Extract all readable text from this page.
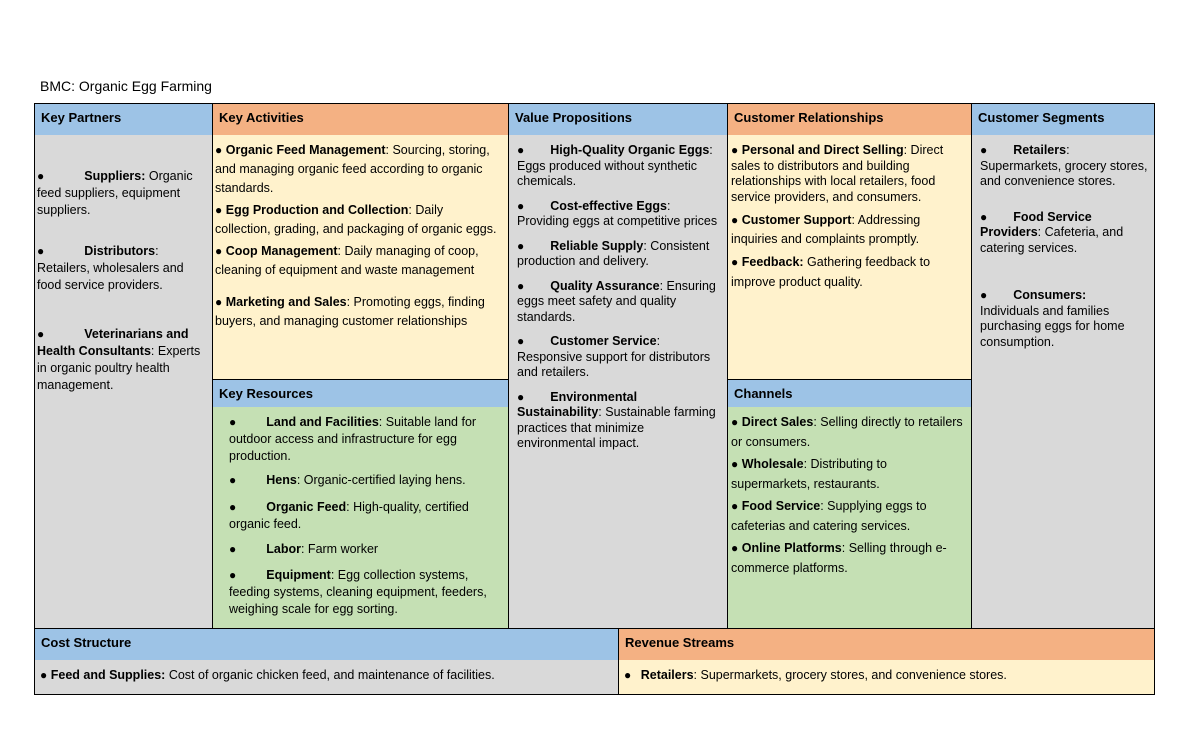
BMC: Organic Egg Farming
Key Partners
●	Suppliers: Organic feed suppliers, equipment suppliers.
●	Distributors: Retailers, wholesalers and food service providers.
●	Veterinarians and Health Consultants: Experts in organic poultry health management.
Key Activities
● Organic Feed Management: Sourcing, storing, and managing organic feed according to organic standards.
● Egg Production and Collection: Daily collection, grading, and packaging of organic eggs.
● Coop Management: Daily managing of coop, cleaning of equipment and waste management
● Marketing and Sales: Promoting eggs, finding buyers, and managing customer relationships
Key Resources
● Land and Facilities: Suitable land for outdoor access and infrastructure for egg production.
● Hens: Organic-certified laying hens.
● Organic Feed: High-quality, certified organic feed.
● Labor: Farm worker
● Equipment: Egg collection systems, feeding systems, cleaning equipment, feeders, weighing scale for egg sorting.
Value Propositions
● High-Quality Organic Eggs: Eggs produced without synthetic chemicals.
● Cost-effective Eggs: Providing eggs at competitive prices
● Reliable Supply: Consistent production and delivery.
● Quality Assurance: Ensuring eggs meet safety and quality standards.
● Customer Service: Responsive support for distributors and retailers.
● Environmental Sustainability: Sustainable farming practices that minimize environmental impact.
Customer Relationships
● Personal and Direct Selling: Direct sales to distributors and building relationships with local retailers, food service providers, and consumers.
● Customer Support: Addressing inquiries and complaints promptly.
● Feedback: Gathering feedback to improve product quality.
Channels
● Direct Sales: Selling directly to retailers or consumers.
● Wholesale: Distributing to supermarkets, restaurants.
● Food Service: Supplying eggs to cafeterias and catering services.
● Online Platforms: Selling through e-commerce platforms.
Customer Segments
● Retailers: Supermarkets, grocery stores, and convenience stores.
● Food Service Providers: Cafeteria, and catering services.
● Consumers: Individuals and families purchasing eggs for home consumption.
Cost Structure
● Feed and Supplies: Cost of organic chicken feed, and maintenance of facilities.
Revenue Streams
● Retailers: Supermarkets, grocery stores, and convenience stores.
